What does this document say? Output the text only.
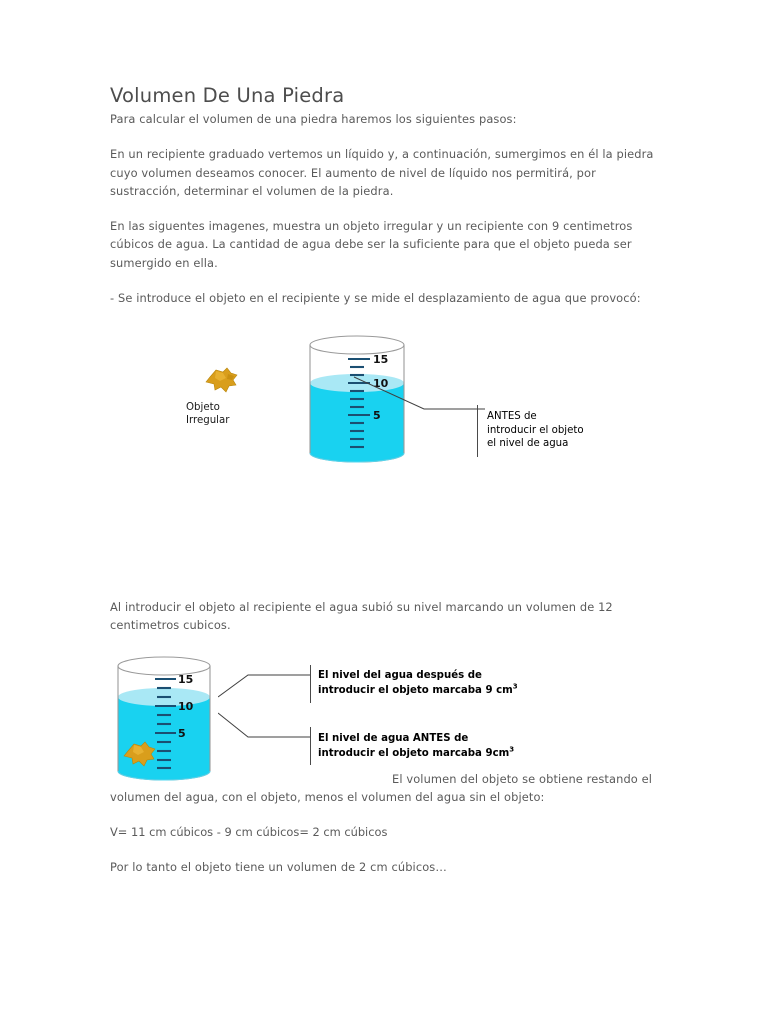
Volumen De Una Piedra

Para calcular el volumen de una piedra haremos los siguientes pasos:

En un recipiente graduado vertemos un líquido y, a continuación, sumergimos en él la piedra cuyo volumen deseamos conocer. El aumento de nivel de líquido nos permitirá, por sustracción, determinar el volumen de la piedra.

En las siguentes imagenes, muestra un objeto irregular y un recipiente con 9 centimetros cúbicos de agua. La cantidad de agua debe ser la suficiente para que el objeto pueda ser sumergido en ella.

- Se introduce el objeto en el recipiente y se mide el desplazamiento de agua que provocó:

Objeto
Irregular
15
10
5	ANTES de
introducir el objeto
el nivel de agua

Al introducir el objeto al recipiente el agua subió su nivel marcando un volumen de 12 centimetros cubicos.

15
10
5
El nivel del agua después de
introducir el objeto marcaba 9 $cm^3$
El nivel de agua ANTES de
introducir el objeto marcaba $9cm^3$

El volumen del objeto se obtiene restando el volumen del agua, con el objeto, menos el volumen del agua sin el objeto:

V= 11 cm cúbicos - 9 cm cúbicos= 2 cm cúbicos

Por lo tanto el objeto tiene un volumen de 2 cm cúbicos…
